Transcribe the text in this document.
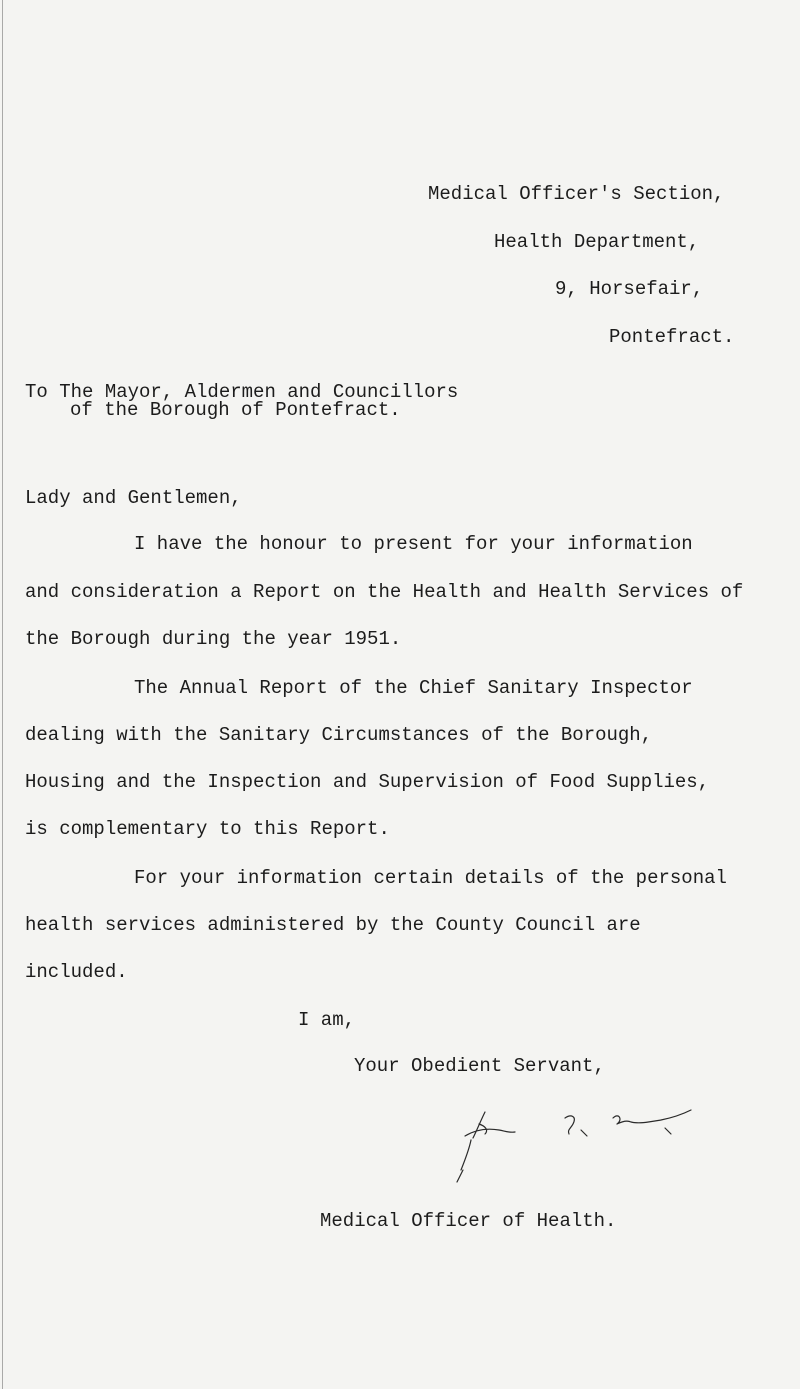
Medical Officer's Section,
Health Department,
9, Horsefair,
Pontefract.
To The Mayor, Aldermen and Councillors
of the Borough of Pontefract.
Lady and Gentlemen,
I have the honour to present for your information
and consideration a Report on the Health and Health Services of
the Borough during the year 1951.
The Annual Report of the Chief Sanitary Inspector
dealing with the Sanitary Circumstances of the Borough,
Housing and the Inspection and Supervision of Food Supplies,
is complementary to this Report.
For your information certain details of the personal
health services administered by the County Council are
included.
I am,
Your Obedient Servant,
Medical Officer of Health.
